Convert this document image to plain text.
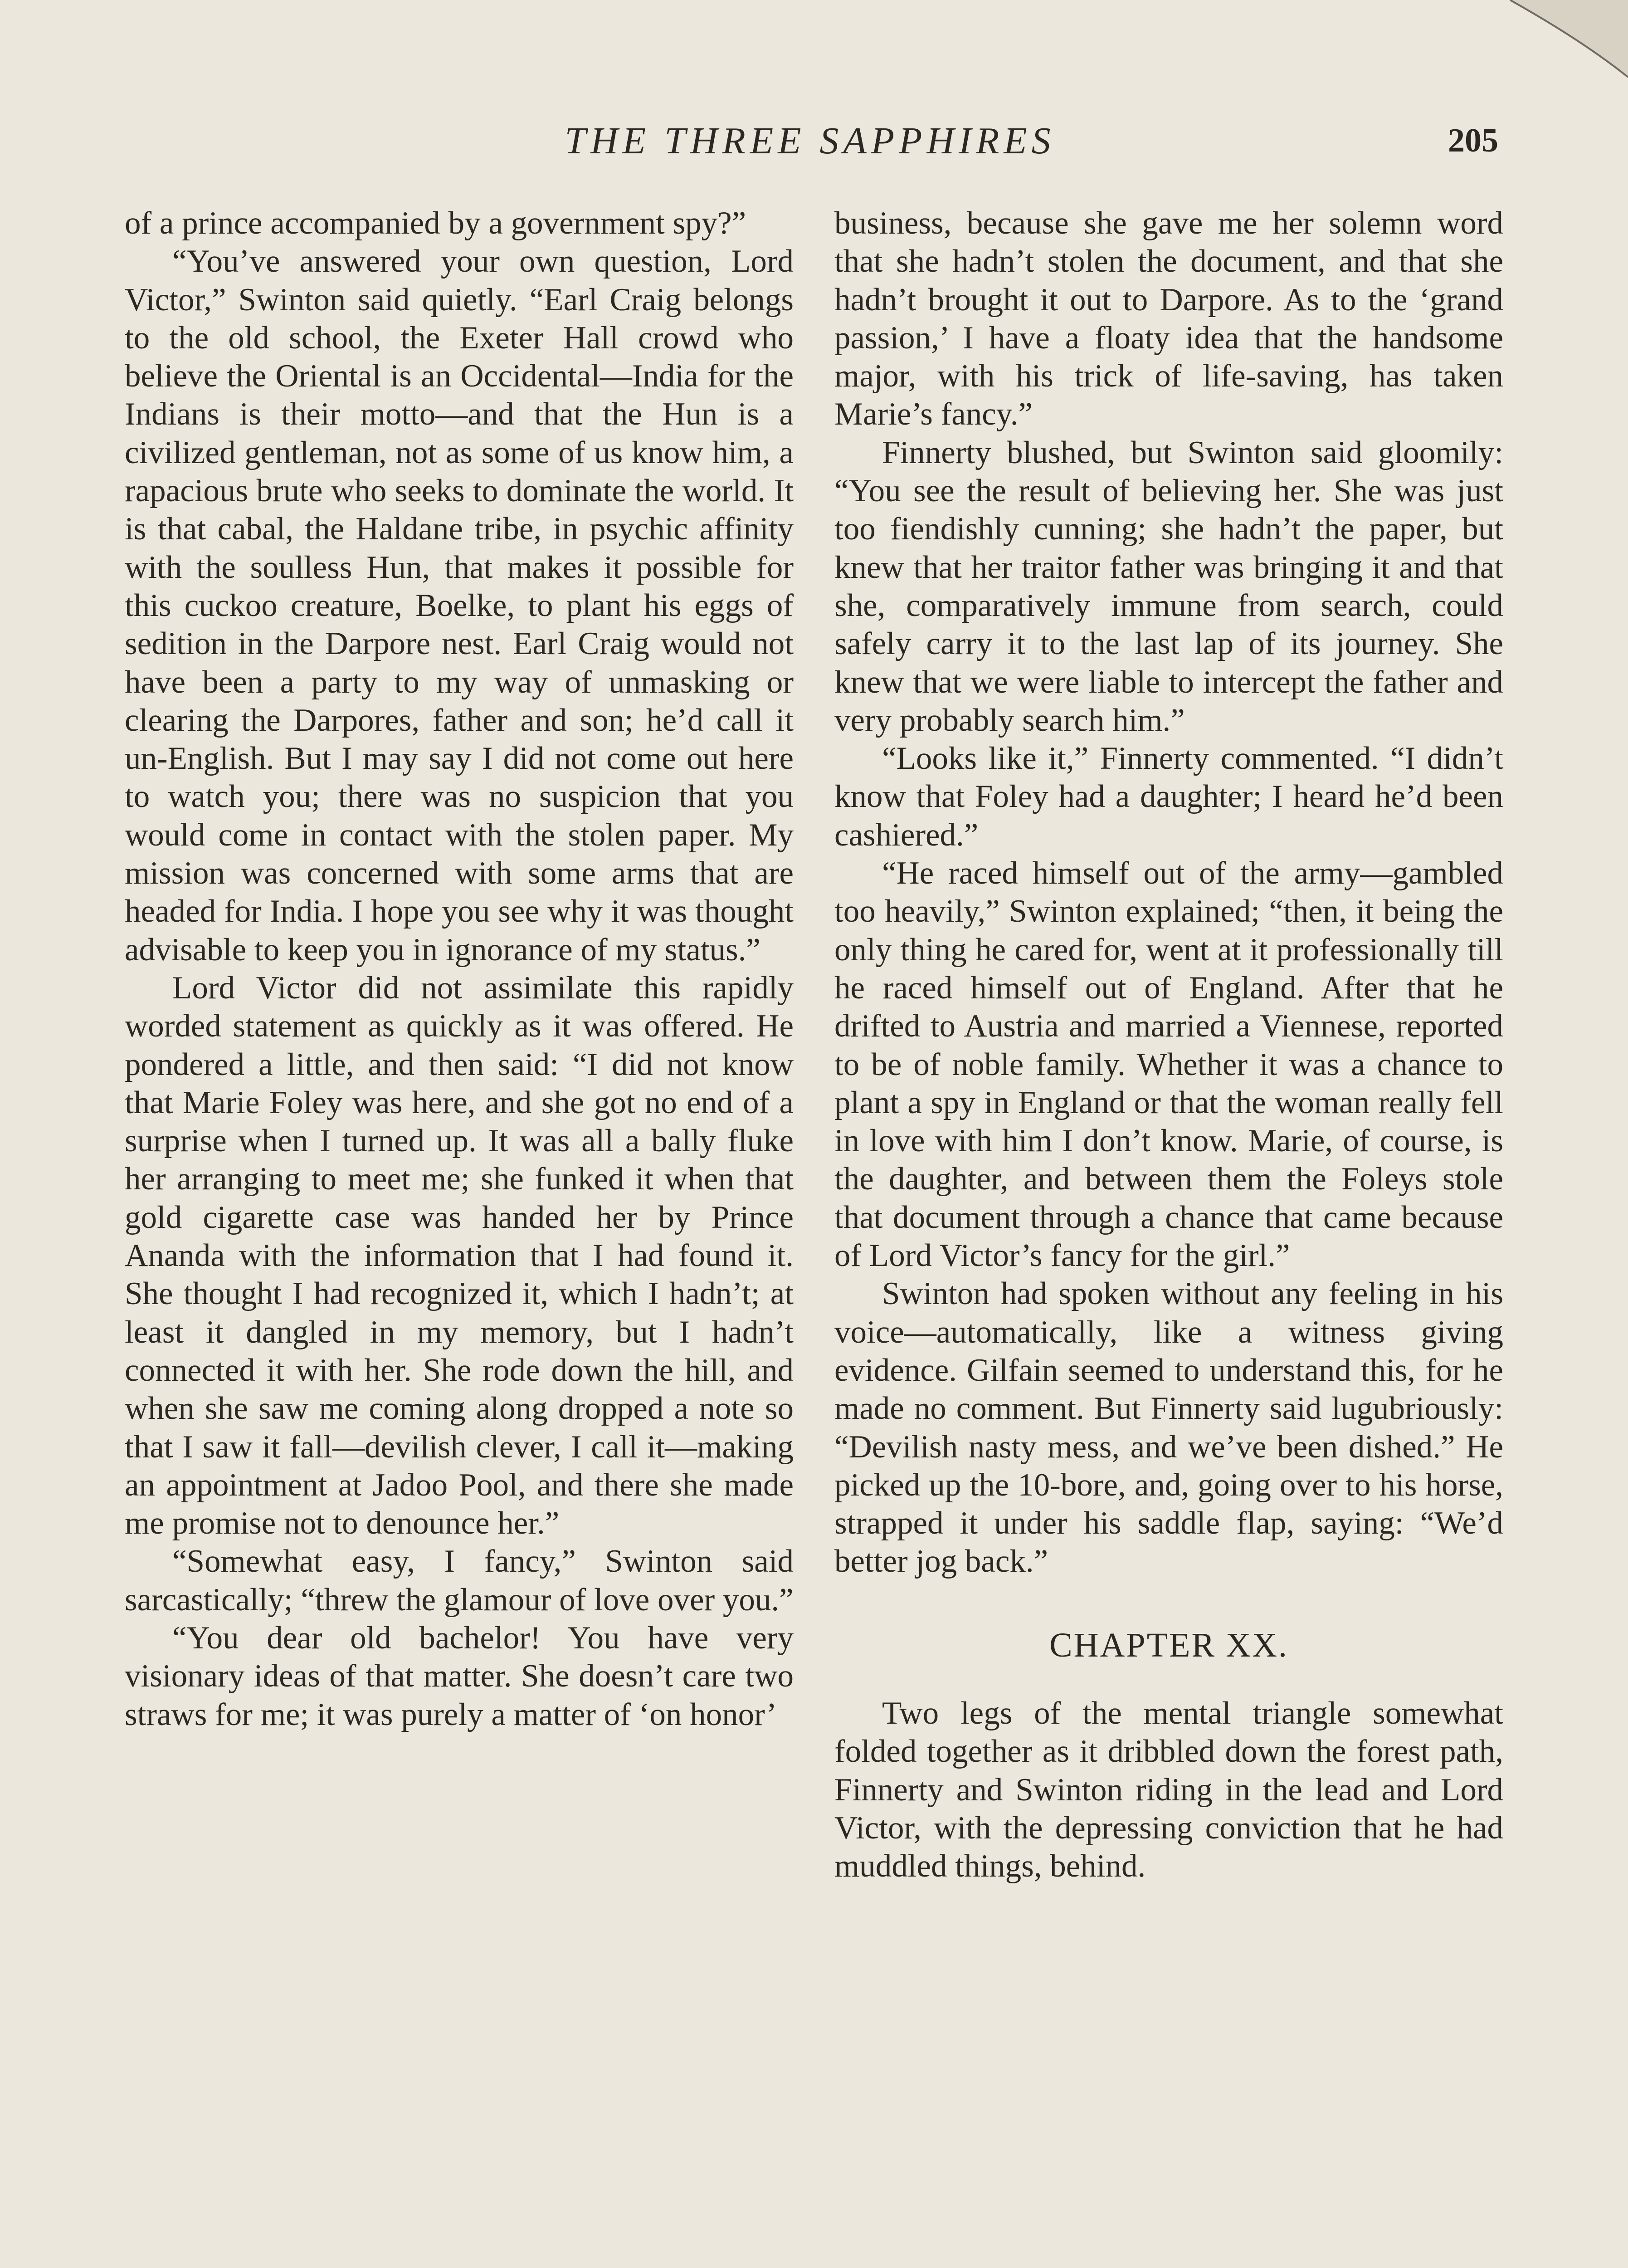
THE THREE SAPPHIRES	205

of a prince accompanied by a government spy?”

“You’ve answered your own question, Lord Victor,” Swinton said quietly. “Earl Craig belongs to the old school, the Exeter Hall crowd who believe the Oriental is an Occidental—India for the Indians is their motto—and that the Hun is a civilized gentleman, not as some of us know him, a rapacious brute who seeks to dominate the world. It is that cabal, the Haldane tribe, in psychic affinity with the soulless Hun, that makes it possible for this cuckoo creature, Boelke, to plant his eggs of sedition in the Darpore nest. Earl Craig would not have been a party to my way of unmasking or clearing the Darpores, father and son; he’d call it un-English. But I may say I did not come out here to watch you; there was no suspicion that you would come in contact with the stolen paper. My mission was concerned with some arms that are headed for India. I hope you see why it was thought advisable to keep you in ignorance of my status.”

Lord Victor did not assimilate this rapidly worded statement as quickly as it was offered. He pondered a little, and then said: “I did not know that Marie Foley was here, and she got no end of a surprise when I turned up. It was all a bally fluke her arranging to meet me; she funked it when that gold cigarette case was handed her by Prince Ananda with the information that I had found it. She thought I had recognized it, which I hadn’t; at least it dangled in my memory, but I hadn’t connected it with her. She rode down the hill, and when she saw me coming along dropped a note so that I saw it fall—devilish clever, I call it—making an appointment at Jadoo Pool, and there she made me promise not to denounce her.”

“Somewhat easy, I fancy,” Swinton said sarcastically; “threw the glamour of love over you.”

“You dear old bachelor! You have very visionary ideas of that matter. She doesn’t care two straws for me; it was purely a matter of ‘on honor’

business, because she gave me her solemn word that she hadn’t stolen the document, and that she hadn’t brought it out to Darpore. As to the ‘grand passion,’ I have a floaty idea that the handsome major, with his trick of life-saving, has taken Marie’s fancy.”

Finnerty blushed, but Swinton said gloomily: “You see the result of believing her. She was just too fiendishly cunning; she hadn’t the paper, but knew that her traitor father was bringing it and that she, comparatively immune from search, could safely carry it to the last lap of its journey. She knew that we were liable to intercept the father and very probably search him.”

“Looks like it,” Finnerty commented. “I didn’t know that Foley had a daughter; I heard he’d been cashiered.”

“He raced himself out of the army—gambled too heavily,” Swinton explained; “then, it being the only thing he cared for, went at it professionally till he raced himself out of England. After that he drifted to Austria and married a Viennese, reported to be of noble family. Whether it was a chance to plant a spy in England or that the woman really fell in love with him I don’t know. Marie, of course, is the daughter, and between them the Foleys stole that document through a chance that came because of Lord Victor’s fancy for the girl.”

Swinton had spoken without any feeling in his voice—automatically, like a witness giving evidence. Gilfain seemed to understand this, for he made no comment. But Finnerty said lugubriously: “Devilish nasty mess, and we’ve been dished.” He picked up the 10-bore, and, going over to his horse, strapped it under his saddle flap, saying: “We’d better jog back.”

CHAPTER XX.

Two legs of the mental triangle somewhat folded together as it dribbled down the forest path, Finnerty and Swinton riding in the lead and Lord Victor, with the depressing conviction that he had muddled things, behind.
